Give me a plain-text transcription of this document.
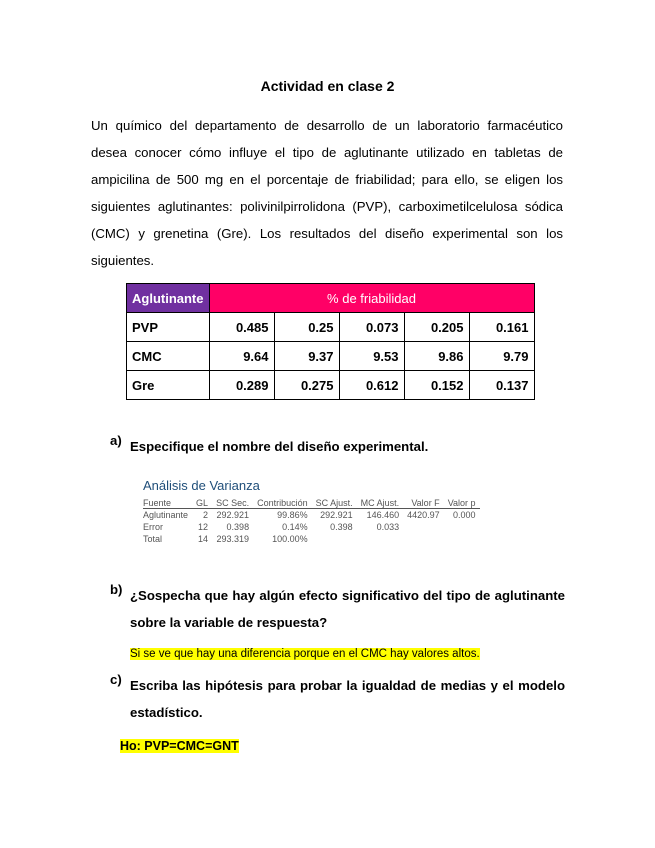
Actividad en clase 2
Un químico del departamento de desarrollo de un laboratorio farmacéutico desea conocer cómo influye el tipo de aglutinante utilizado en tabletas de ampicilina de 500 mg en el porcentaje de friabilidad; para ello, se eligen los siguientes aglutinantes: polivinilpirrolidona (PVP), carboximetilcelulosa sódica (CMC) y grenetina (Gre). Los resultados del diseño experimental son los siguientes.
Aglutinante	% de friabilidad				
PVP	0.485	0.25	0.073	0.205	0.161
CMC	9.64	9.37	9.53	9.86	9.79
Gre	0.289	0.275	0.612	0.152	0.137
a) Especifique el nombre del diseño experimental.
Análisis de Varianza
Fuente	GL	SC Sec.	Contribución	SC Ajust.	MC Ajust.	Valor F	Valor p
Aglutinante	2	292.921	99.86%	292.921	146.460	4420.97	0.000
Error	12	0.398	0.14%	0.398	0.033		
Total	14	293.319	100.00%				
b) ¿Sospecha que hay algún efecto significativo del tipo de aglutinante sobre la variable de respuesta?
Si se ve que hay una diferencia porque en el CMC hay valores altos.
c) Escriba las hipótesis para probar la igualdad de medias y el modelo estadístico.
Ho: PVP=CMC=GNT
